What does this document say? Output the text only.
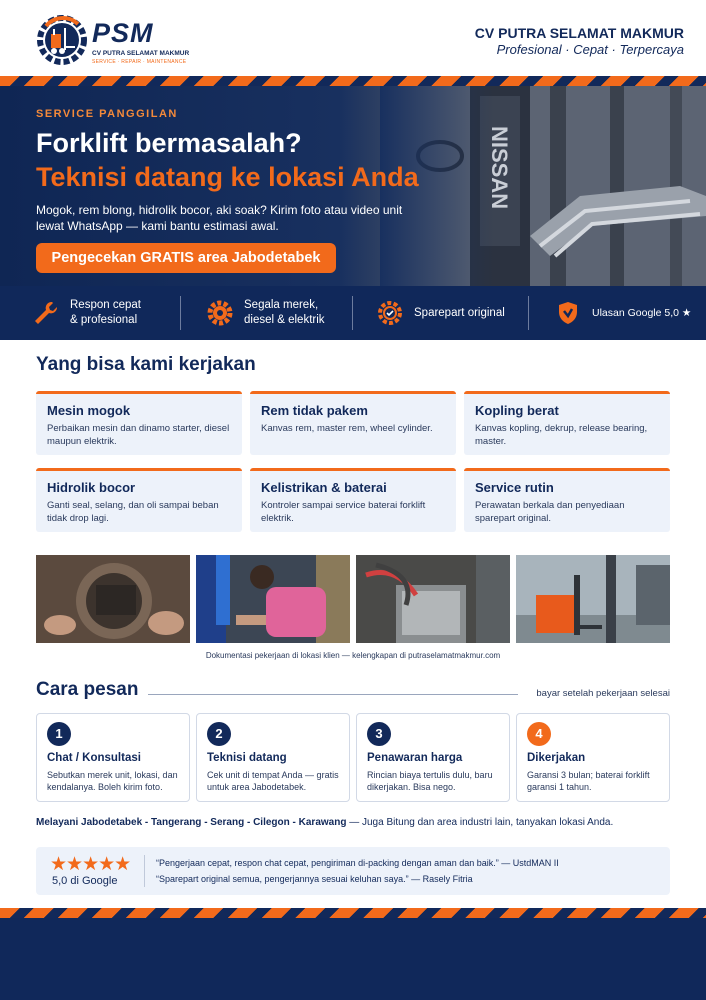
PSM
CV PUTRA SELAMAT MAKMUR
SERVICE · REPAIR · MAINTENANCE
CV PUTRA SELAMAT MAKMUR
Profesional · Cepat · Terpercaya
SERVICE PANGGILAN
Forklift bermasalah?
Teknisi datang ke lokasi Anda
Mogok, rem blong, hidrolik bocor, aki soak? Kirim foto atau video unit lewat WhatsApp — kami bantu estimasi awal.
Pengecekan GRATIS area Jabodetabek
Respon cepat
& profesional
Segala merek,
diesel & elektrik
Sparepart original	Ulasan Google 5,0 ★
Yang bisa kami kerjakan
Mesin mogok
Perbaikan mesin dan dinamo starter, diesel maupun elektrik.
Rem tidak pakem
Kanvas rem, master rem, wheel cylinder.
Kopling berat
Kanvas kopling, dekrup, release bearing, master.
Hidrolik bocor
Ganti seal, selang, dan oli sampai beban tidak drop lagi.
Kelistrikan & baterai
Kontroler sampai service baterai forklift elektrik.
Service rutin
Perawatan berkala dan penyediaan sparepart original.
Dokumentasi pekerjaan di lokasi klien — kelengkapan di putraselamatmakmur.com
Cara pesan	bayar setelah pekerjaan selesai
1
Chat / Konsultasi
Sebutkan merek unit, lokasi, dan kendalanya. Boleh kirim foto.
2
Teknisi datang
Cek unit di tempat Anda — gratis untuk area Jabodetabek.
3
Penawaran harga
Rincian biaya tertulis dulu, baru dikerjakan. Bisa nego.
4
Dikerjakan
Garansi 3 bulan; baterai forklift garansi 1 tahun.
Melayani Jabodetabek - Tangerang - Serang - Cilegon - Karawang — Juga Bitung dan area industri lain, tanyakan lokasi Anda.
★★★★★
5,0 di Google
“Pengerjaan cepat, respon chat cepat, pengiriman di-packing dengan aman dan baik.” — UstdMAN II
“Sparepart original semua, pengerjannya sesuai keluhan saya.” — Rasely Fitria
